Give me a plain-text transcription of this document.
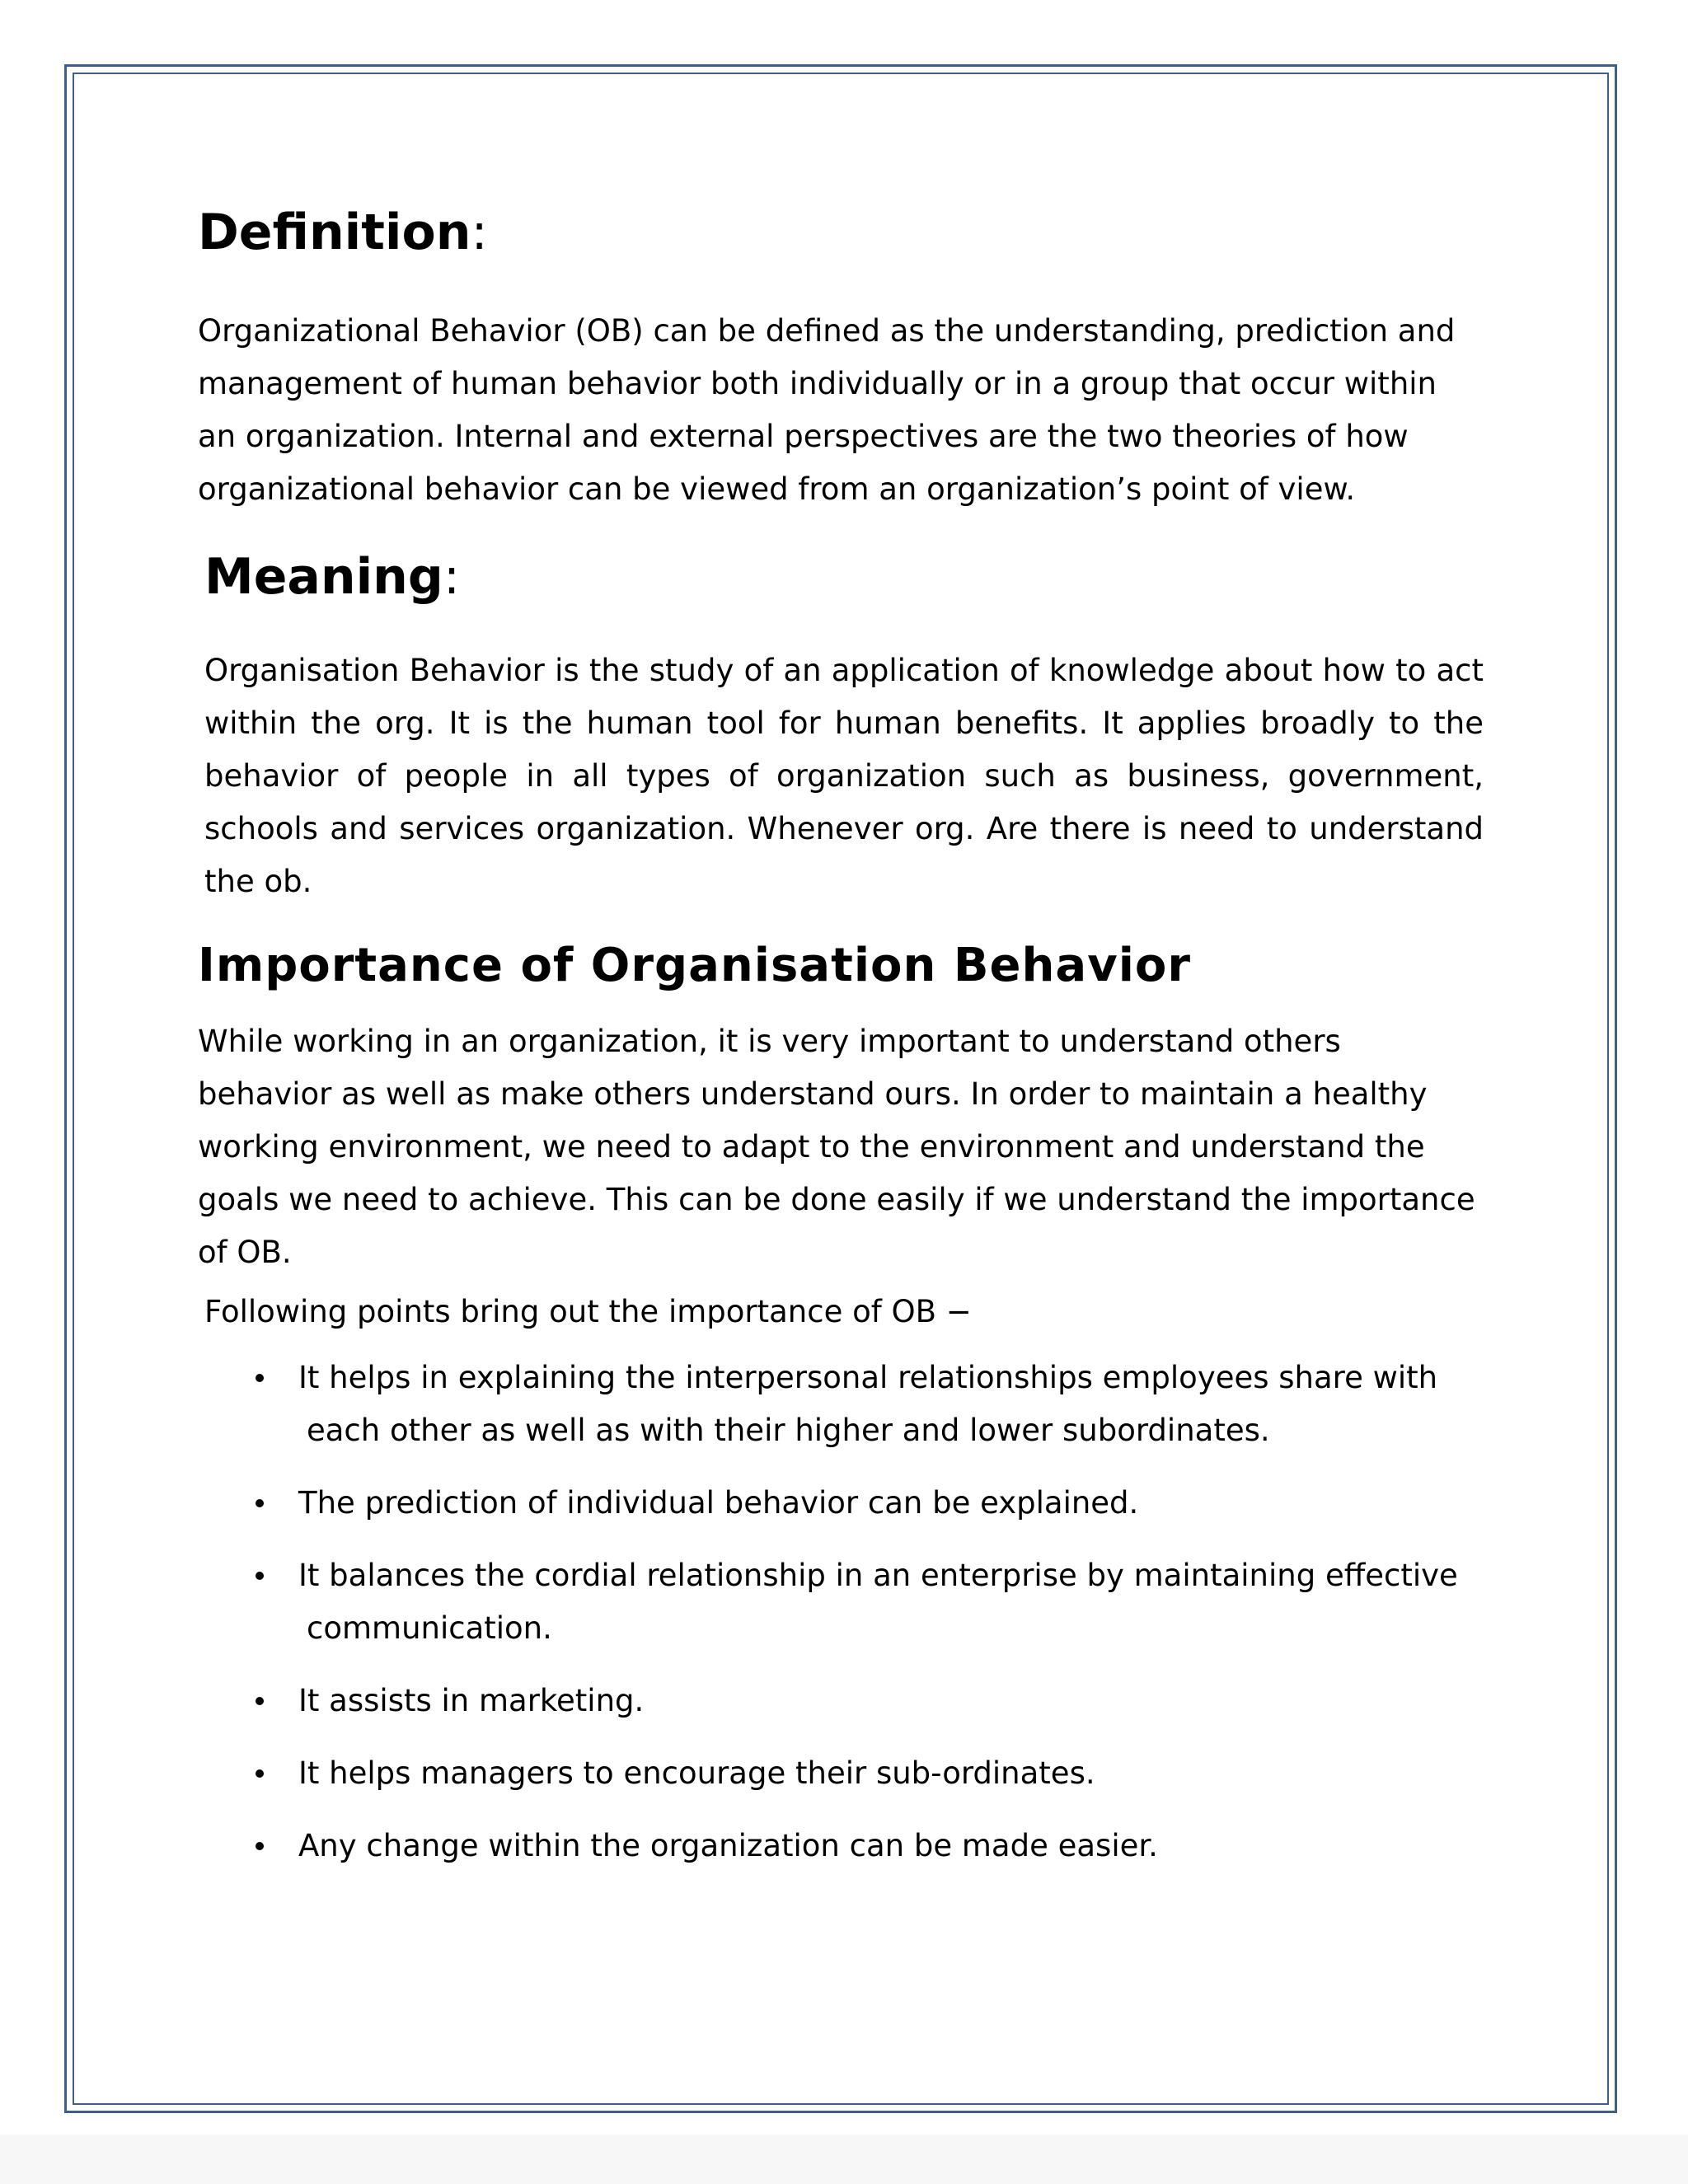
Definition:

Organizational Behavior (OB) can be defined as the understanding, prediction and management of human behavior both individually or in a group that occur within an organization. Internal and external perspectives are the two theories of how organizational behavior can be viewed from an organization’s point of view.

Meaning:

Organisation Behavior is the study of an application of knowledge about how to act within the org. It is the human tool for human benefits. It applies broadly to the behavior of people in all types of organization such as business, government, schools and services organization. Whenever org. Are there is need to understand the ob.

Importance of Organisation Behavior

While working in an organization, it is very important to understand others behavior as well as make others understand ours. In order to maintain a healthy working environment, we need to adapt to the environment and understand the goals we need to achieve. This can be done easily if we understand the importance of OB.

Following points bring out the importance of OB −

It helps in explaining the interpersonal relationships employees share with
each other as well as with their higher and lower subordinates.
The prediction of individual behavior can be explained.
It balances the cordial relationship in an enterprise by maintaining effective
communication.
It assists in marketing.
It helps managers to encourage their sub-ordinates.
Any change within the organization can be made easier.
